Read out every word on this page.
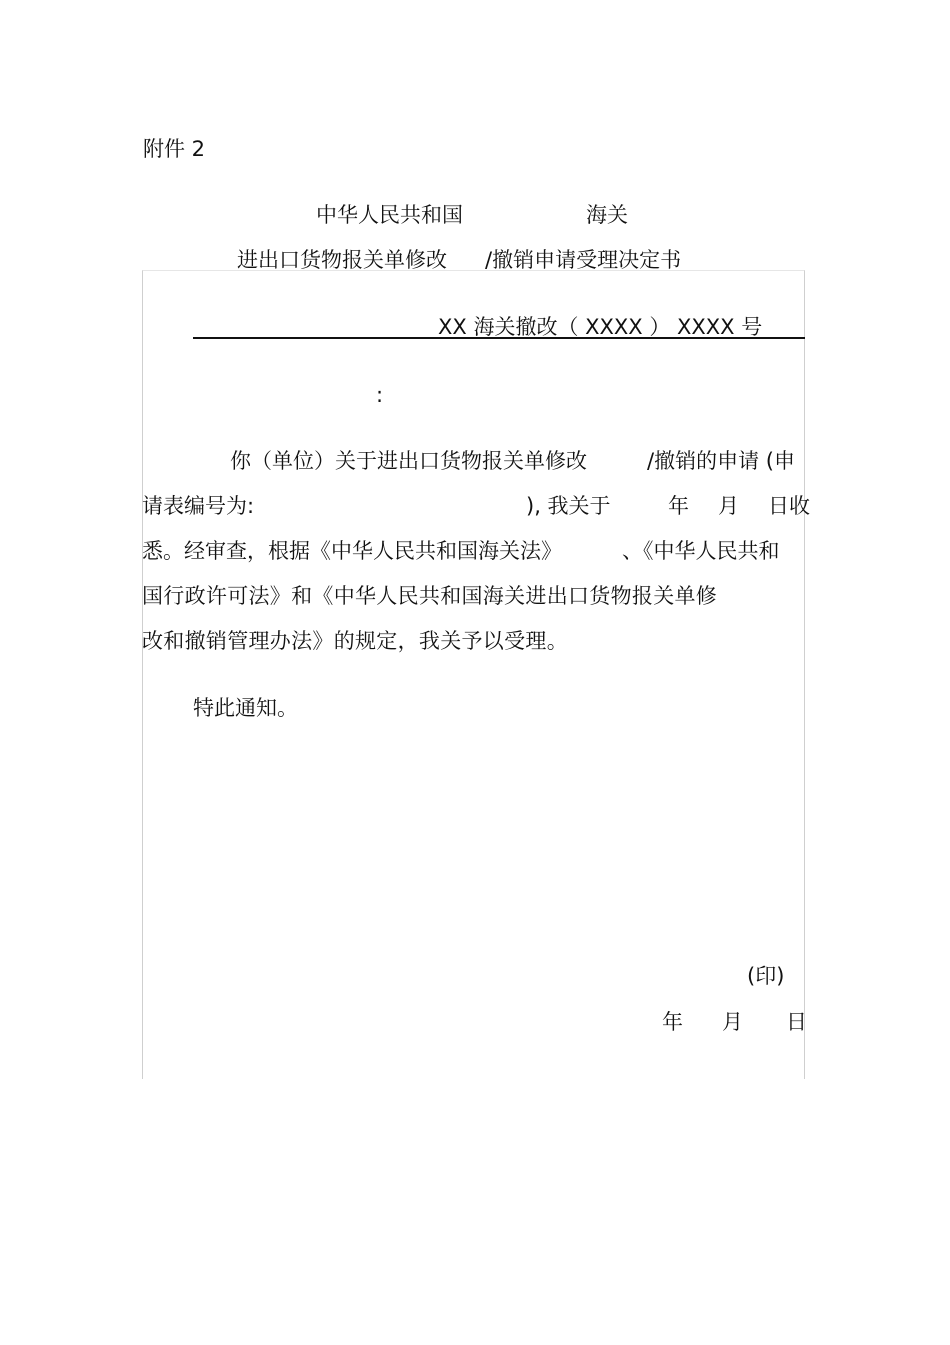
附件 2
中华人民共和国	海关
进出口货物报关单修改 /撤销申请受理决定书
XX 海关撤改（ XXXX ） XXXX 号
:
你（单位）关于进出口货物报关单修改	/撤销的申请 (申
请表编号为:	), 我关于	年 月 日收
悉。经审查，根据《中华人民共和国海关法》	、《中华人民共和
国行政许可法》和《中华人民共和国海关进出口货物报关单修
改和撤销管理办法》的规定，我关予以受理。
特此通知。
(印)
年 月 日
